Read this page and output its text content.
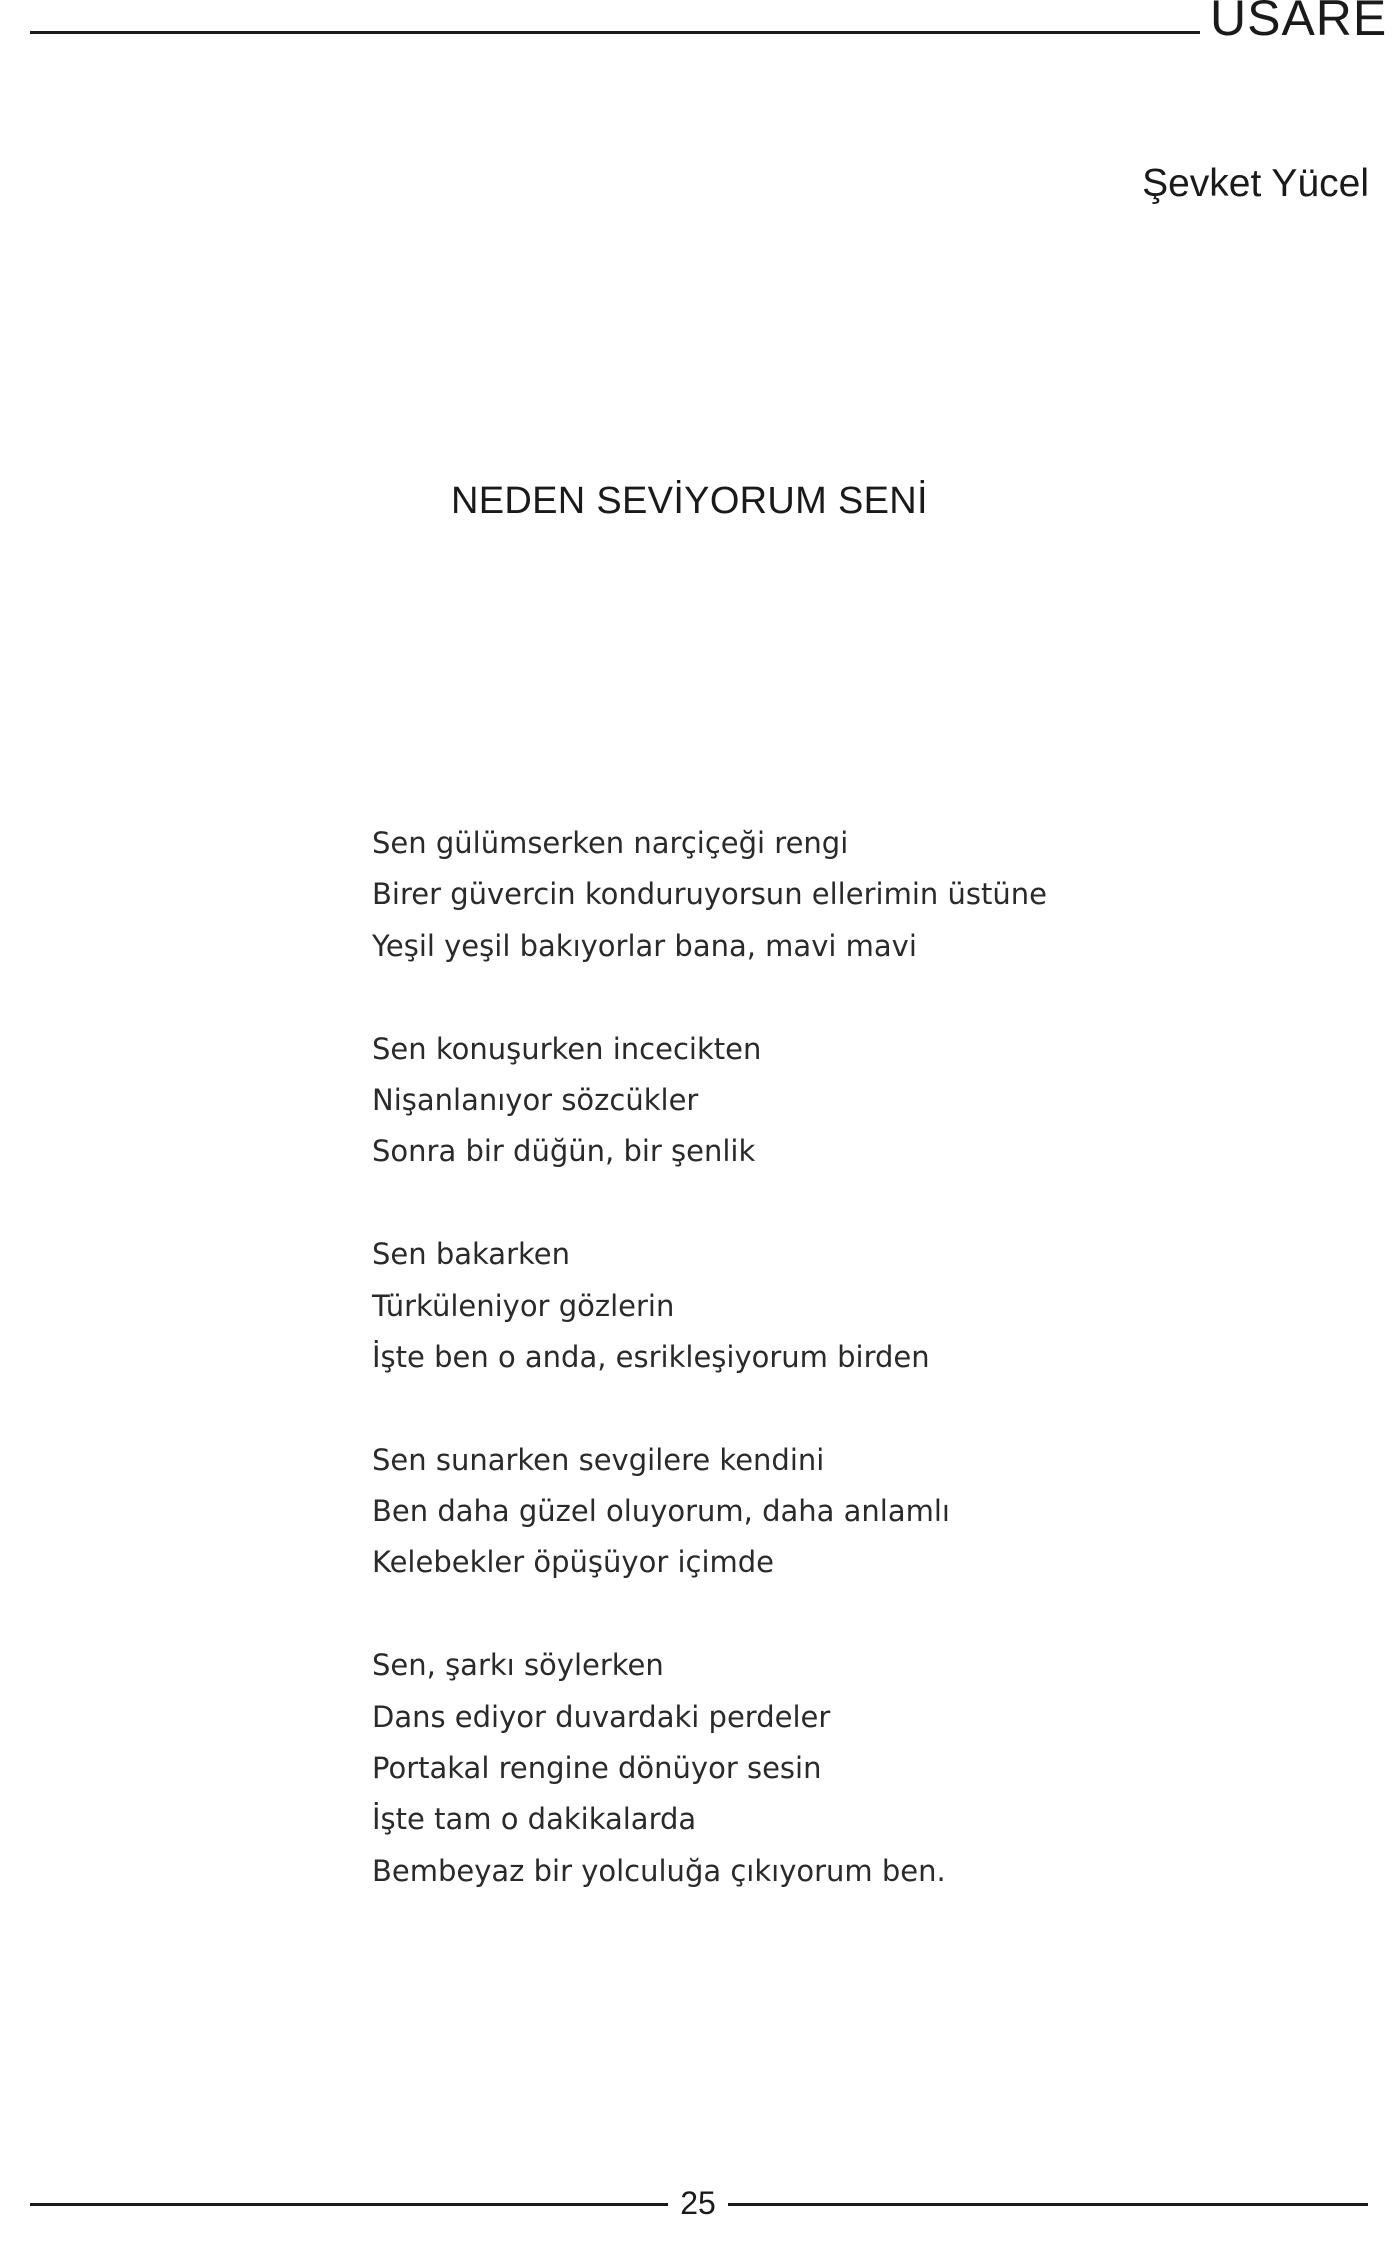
USARE
Şevket Yücel
NEDEN SEVİYORUM SENİ
Sen gülümserken narçiçeği rengi
Birer güvercin konduruyorsun ellerimin üstüne
Yeşil yeşil bakıyorlar bana, mavi mavi
Sen konuşurken incecikten
Nişanlanıyor sözcükler
Sonra bir düğün, bir şenlik
Sen bakarken
Türküleniyor gözlerin
İşte ben o anda, esrikleşiyorum birden
Sen sunarken sevgilere kendini
Ben daha güzel oluyorum, daha anlamlı
Kelebekler öpüşüyor içimde
Sen, şarkı söylerken
Dans ediyor duvardaki perdeler
Portakal rengine dönüyor sesin
İşte tam o dakikalarda
Bembeyaz bir yolculuğa çıkıyorum ben.
25
